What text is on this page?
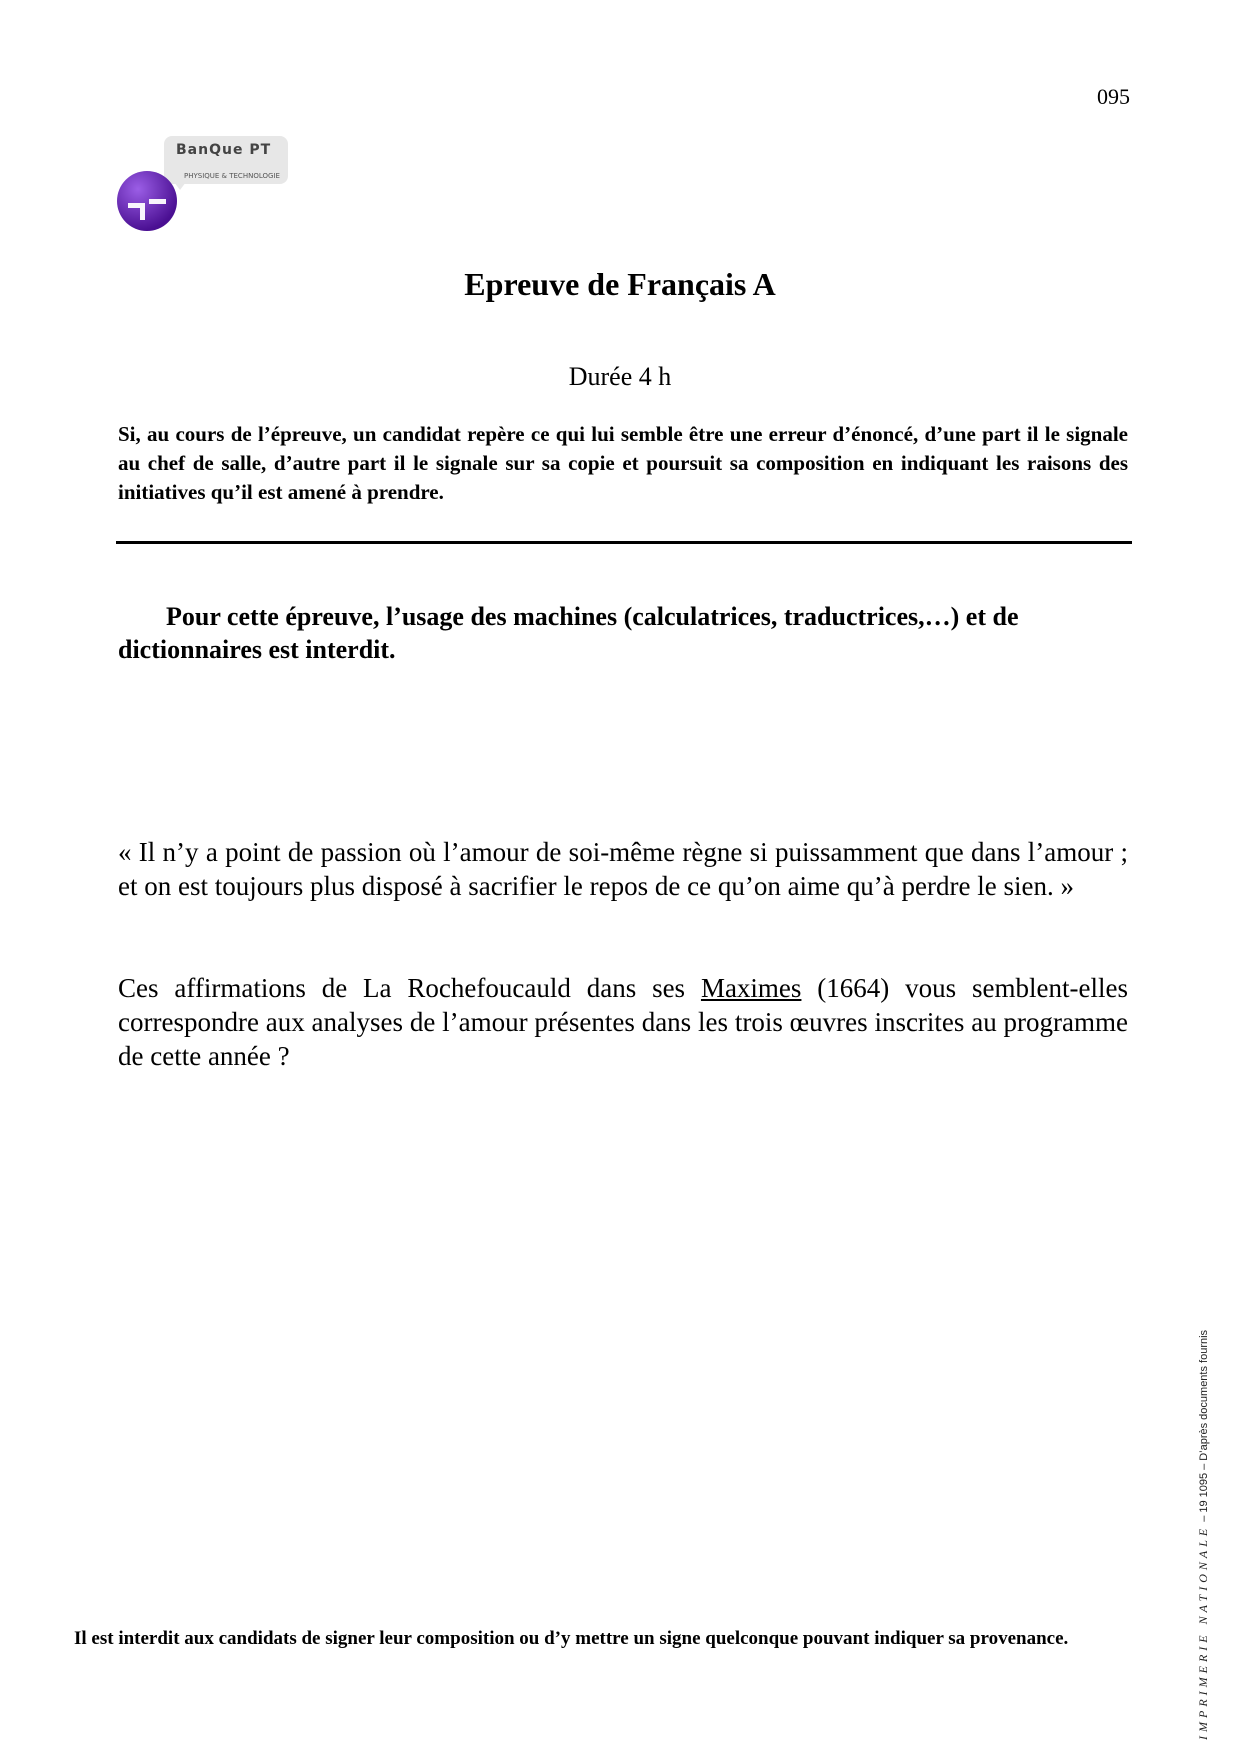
095
BanQue PT
PHYSIQUE & TECHNOLOGIE
Epreuve de Français A
Durée 4 h
Si, au cours de l’épreuve, un candidat repère ce qui lui semble être une erreur d’énoncé, d’une part il le signale au chef de salle, d’autre part il le signale sur sa copie et poursuit sa composition en indiquant les raisons des initiatives qu’il est amené à prendre.
Pour cette épreuve, l’usage des machines (calculatrices, traductrices,…) et de dictionnaires est interdit.
« Il n’y a point de passion où l’amour de soi-même règne si puissamment que dans l’amour ; et on est toujours plus disposé à sacrifier le repos de ce qu’on aime qu’à perdre le sien. »
Ces affirmations de La Rochefoucauld dans ses Maximes (1664) vous semblent-elles correspondre aux analyses de l’amour présentes dans les trois œuvres inscrites au programme de cette année ?
Il est interdit aux candidats de signer leur composition ou d’y mettre un signe quelconque pouvant indiquer sa provenance.	IMPRIMERIE NATIONALE – 19 1095 – D’après documents fournis
